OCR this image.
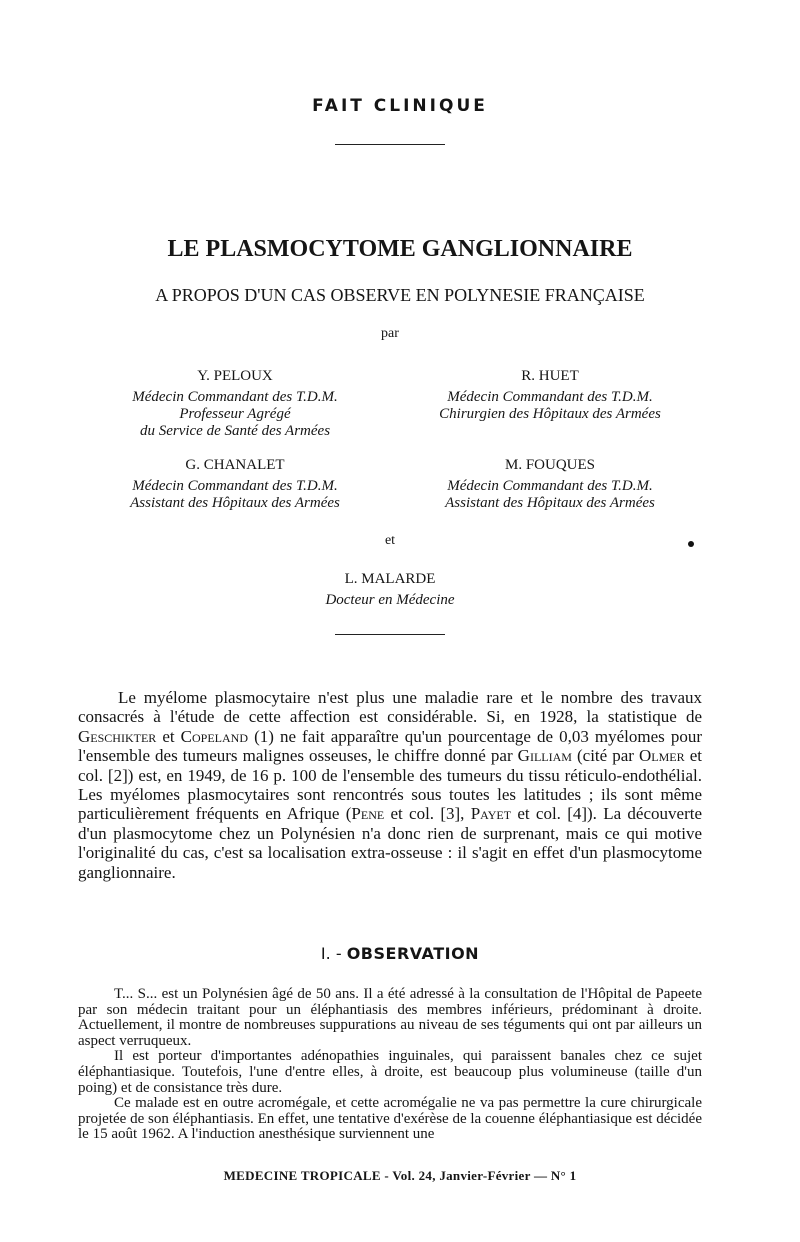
FAIT CLINIQUE
LE PLASMOCYTOME GANGLIONNAIRE
A PROPOS D'UN CAS OBSERVE EN POLYNESIE FRANÇAISE
par
Y. PELOUX
Médecin Commandant des T.D.M.
Professeur Agrégé
du Service de Santé des Armées
R. HUET
Médecin Commandant des T.D.M.
Chirurgien des Hôpitaux des Armées
G. CHANALET
Médecin Commandant des T.D.M.
Assistant des Hôpitaux des Armées
M. FOUQUES
Médecin Commandant des T.D.M.
Assistant des Hôpitaux des Armées
et
L. MALARDE
Docteur en Médecine

Le myélome plasmocytaire n'est plus une maladie rare et le nombre des travaux consacrés à l'étude de cette affection est considérable. Si, en 1928, la statistique de Geschikter et Copeland (1) ne fait apparaître qu'un pourcentage de 0,03 myélomes pour l'ensemble des tumeurs malignes osseuses, le chiffre donné par Gilliam (cité par Olmer et col. [2]) est, en 1949, de 16 p. 100 de l'ensemble des tumeurs du tissu réticulo-endothélial. Les myélomes plasmocytaires sont rencontrés sous toutes les latitudes ; ils sont même particulièrement fréquents en Afrique (Pene et col. [3], Payet et col. [4]). La découverte d'un plasmocytome chez un Polynésien n'a donc rien de surprenant, mais ce qui motive l'originalité du cas, c'est sa localisation extra-osseuse : il s'agit en effet d'un plasmocytome ganglionnaire.

I. - OBSERVATION

T... S... est un Polynésien âgé de 50 ans. Il a été adressé à la consultation de l'Hôpital de Papeete par son médecin traitant pour un éléphantiasis des membres inférieurs, prédominant à droite. Actuellement, il montre de nombreuses suppurations au niveau de ses téguments qui ont par ailleurs un aspect verruqueux.

Il est porteur d'importantes adénopathies inguinales, qui paraissent banales chez ce sujet éléphantiasique. Toutefois, l'une d'entre elles, à droite, est beaucoup plus volumineuse (taille d'un poing) et de consistance très dure.

Ce malade est en outre acromégale, et cette acromégalie ne va pas permettre la cure chirurgicale projetée de son éléphantiasis. En effet, une tentative d'exérèse de la couenne éléphantiasique est décidée le 15 août 1962. A l'induction anesthésique surviennent une

MEDECINE TROPICALE - Vol. 24, Janvier-Février — N° 1
